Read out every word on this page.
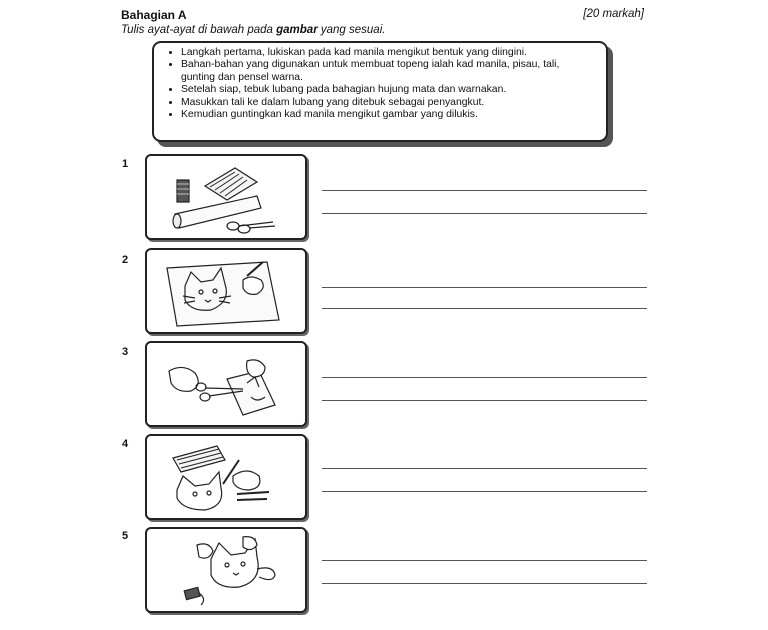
Bahagian A	[20 markah]
Tulis ayat-ayat di bawah pada gambar yang sesuai.
• Langkah pertama, lukiskan pada kad manila mengikut bentuk yang diingini.
• Bahan-bahan yang digunakan untuk membuat topeng ialah kad manila, pisau, tali, gunting dan pensel warna.
• Setelah siap, tebuk lubang pada bahagian hujung mata dan warnakan.
• Masukkan tali ke dalam lubang yang ditebuk sebagai penyangkut.
• Kemudian guntingkan kad manila mengikut gambar yang dilukis.
1
2
3
4
5
